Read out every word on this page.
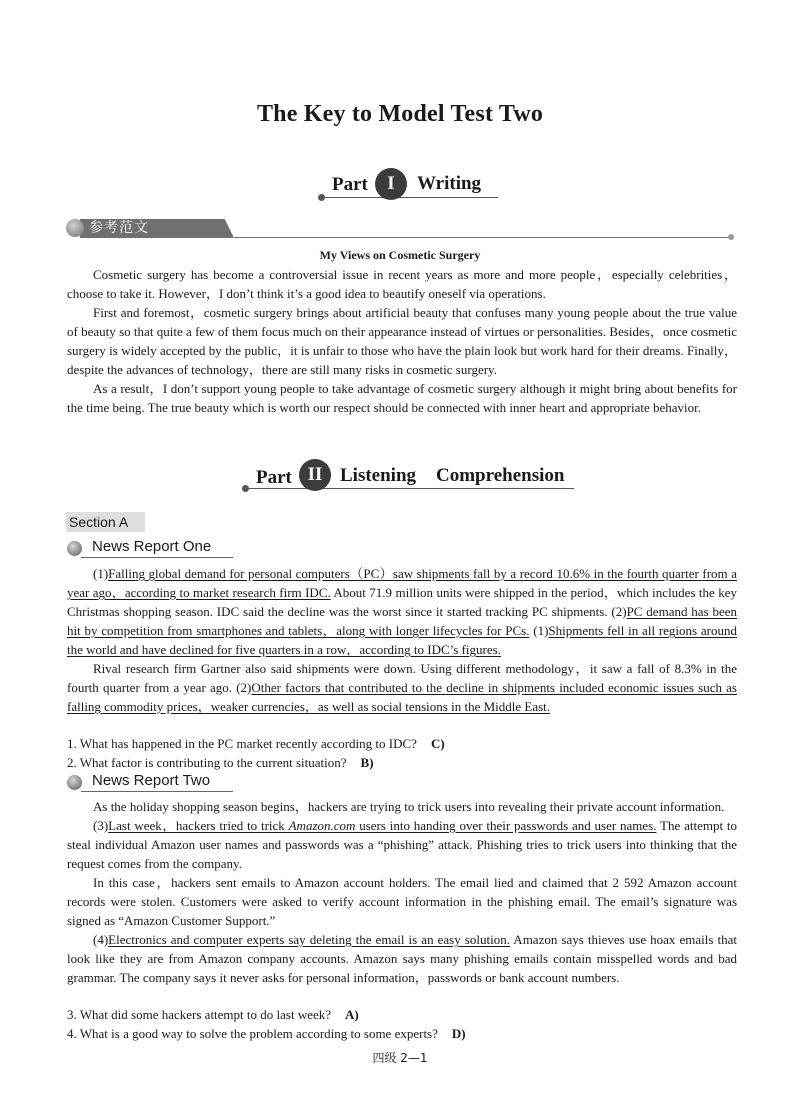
The Key to Model Test Two
Part	I	Writing
参考范文
My Views on Cosmetic Surgery

Cosmetic surgery has become a controversial issue in recent years as more and more people，especially celebrities，choose to take it. However，I don’t think it’s a good idea to beautify oneself via operations.

First and foremost，cosmetic surgery brings about artificial beauty that confuses many young people about the true value of beauty so that quite a few of them focus much on their appearance instead of virtues or personalities. Besides，once cosmetic surgery is widely accepted by the public，it is unfair to those who have the plain look but work hard for their dreams. Finally，despite the advances of technology，there are still many risks in cosmetic surgery.

As a result，I don’t support young people to take advantage of cosmetic surgery although it might bring about benefits for the time being. The true beauty which is worth our respect should be connected with inner heart and appropriate behavior.

Part II Listening Comprehension
Section A
News Report One

(1)Falling global demand for personal computers（PC）saw shipments fall by a record 10.6% in the fourth quarter from a year ago，according to market research firm IDC. About 71.9 million units were shipped in the period，which includes the key Christmas shopping season. IDC said the decline was the worst since it started tracking PC shipments. (2)PC demand has been hit by competition from smartphones and tablets，along with longer lifecycles for PCs. (1)Shipments fell in all regions around the world and have declined for five quarters in a row，according to IDC’s figures.

Rival research firm Gartner also said shipments were down. Using different methodology，it saw a fall of 8.3% in the fourth quarter from a year ago. (2)Other factors that contributed to the decline in shipments included economic issues such as falling commodity prices，weaker currencies，as well as social tensions in the Middle East.

1. What has happened in the PC market recently according to IDC? C)
2. What factor is contributing to the current situation? B)
News Report Two

As the holiday shopping season begins，hackers are trying to trick users into revealing their private account information.

(3)Last week，hackers tried to trick Amazon.com users into handing over their passwords and user names. The attempt to steal individual Amazon user names and passwords was a “phishing” attack. Phishing tries to trick users into thinking that the request comes from the company.

In this case，hackers sent emails to Amazon account holders. The email lied and claimed that 2 592 Amazon account records were stolen. Customers were asked to verify account information in the phishing email. The email’s signature was signed as “Amazon Customer Support.”

(4)Electronics and computer experts say deleting the email is an easy solution. Amazon says thieves use hoax emails that look like they are from Amazon company accounts. Amazon says many phishing emails contain misspelled words and bad grammar. The company says it never asks for personal information，passwords or bank account numbers.

3. What did some hackers attempt to do last week? A)
4. What is a good way to solve the problem according to some experts? D)
四级 2—1
